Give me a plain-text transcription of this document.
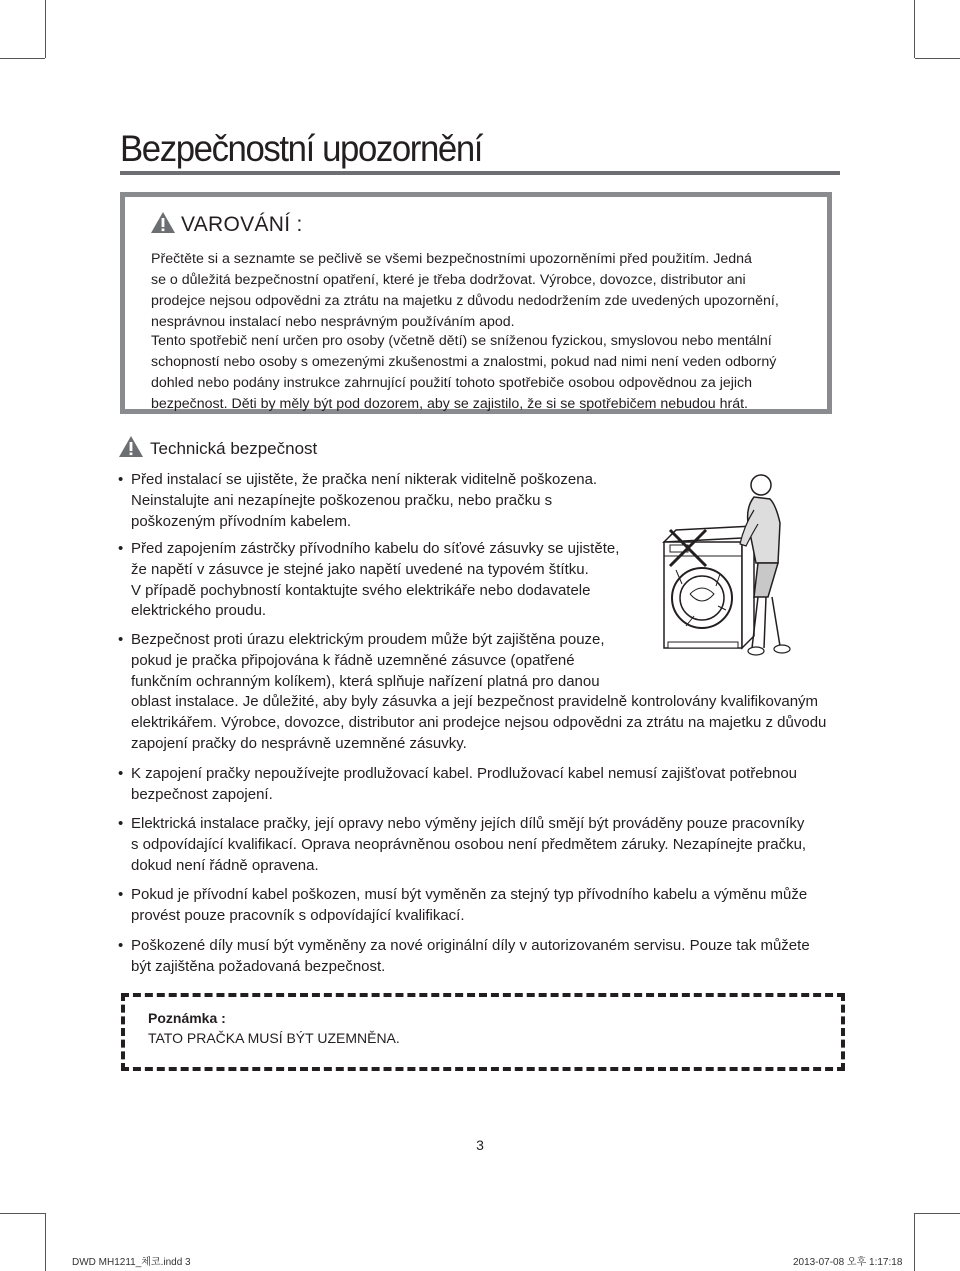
Bezpečnostní upozornění
VAROVÁNÍ :

Přečtěte si a seznamte se pečlivě se všemi bezpečnostními upozorněními před použitím. Jedná
se o důležitá bezpečnostní opatření, které je třeba dodržovat. Výrobce, dovozce, distributor ani
prodejce nejsou odpovědni za ztrátu na majetku z důvodu nedodržením zde uvedených upozornění,
nesprávnou instalací nebo nesprávným používáním apod.

Tento spotřebič není určen pro osoby (včetně dětí) se sníženou fyzickou, smyslovou nebo mentální
schopností nebo osoby s omezenými zkušenostmi a znalostmi, pokud nad nimi není veden odborný
dohled nebo podány instrukce zahrnující použití tohoto spotřebiče osobou odpovědnou za jejich
bezpečnost. Děti by měly být pod dozorem, aby se zajistilo, že si se spotřebičem nebudou hrát.

Technická bezpečnost
• Před instalací se ujistěte, že pračka není nikterak viditelně poškozena.
Neinstalujte ani nezapínejte poškozenou pračku, nebo pračku s
poškozeným přívodním kabelem.
• Před zapojením zástrčky přívodního kabelu do síťové zásuvky se ujistěte,
že napětí v zásuvce je stejné jako napětí uvedené na typovém štítku.
V případě pochybností kontaktujte svého elektrikáře nebo dodavatele
elektrického proudu.
• Bezpečnost proti úrazu elektrickým proudem může být zajištěna pouze,
pokud je pračka připojována k řádně uzemněné zásuvce (opatřené
funkčním ochranným kolíkem), která splňuje nařízení platná pro danou
oblast instalace. Je důležité, aby byly zásuvka a její bezpečnost pravidelně kontrolovány kvalifikovaným
elektrikářem. Výrobce, dovozce, distributor ani prodejce nejsou odpovědni za ztrátu na majetku z důvodu
zapojení pračky do nesprávně uzemněné zásuvky.
• K zapojení pračky nepoužívejte prodlužovací kabel. Prodlužovací kabel nemusí zajišťovat potřebnou
bezpečnost zapojení.
• Elektrická instalace pračky, její opravy nebo výměny jejích dílů smějí být prováděny pouze pracovníky
s odpovídající kvalifikací. Oprava neoprávněnou osobou není předmětem záruky. Nezapínejte pračku,
dokud není řádně opravena.
• Pokud je přívodní kabel poškozen, musí být vyměněn za stejný typ přívodního kabelu a výměnu může
provést pouze pracovník s odpovídající kvalifikací.
• Poškozené díly musí být vyměněny za nové originální díly v autorizovaném servisu. Pouze tak můžete
být zajištěna požadovaná bezpečnost.
Poznámka :
TATO PRAČKA MUSÍ BÝT UZEMNĚNA.
3
DWD MH1211_체코.indd 3	2013-07-08 오후 1:17:18
